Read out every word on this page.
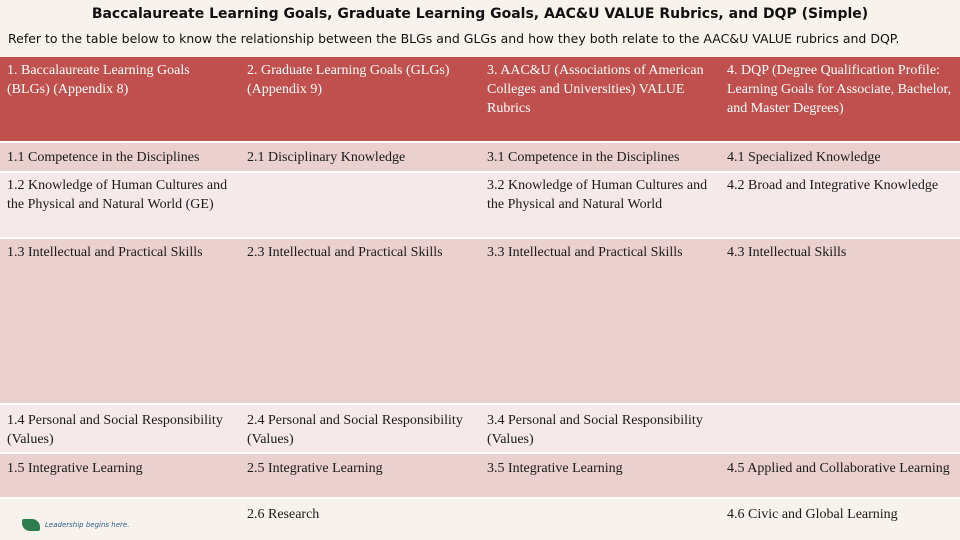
Baccalaureate Learning Goals, Graduate Learning Goals, AAC&U VALUE Rubrics, and DQP (Simple)
Refer to the table below to know the relationship between the BLGs and GLGs and how they both relate to the AAC&U VALUE rubrics and DQP.
1. Baccalaureate Learning Goals (BLGs) (Appendix 8)	2. Graduate Learning Goals (GLGs) (Appendix 9)	3. AAC&U (Associations of American Colleges and Universities) VALUE Rubrics	4. DQP (Degree Qualification Profile: Learning Goals for Associate, Bachelor, and Master Degrees)
1.1 Competence in the Disciplines	2.1 Disciplinary Knowledge	3.1 Competence in the Disciplines	4.1 Specialized Knowledge
1.2 Knowledge of Human Cultures and the Physical and Natural World (GE)		3.2 Knowledge of Human Cultures and the Physical and Natural World	4.2 Broad and Integrative Knowledge
1.3 Intellectual and Practical Skills	2.3 Intellectual and Practical Skills	3.3 Intellectual and Practical Skills	4.3 Intellectual Skills
1.4 Personal and Social Responsibility (Values)	2.4 Personal and Social Responsibility (Values)	3.4 Personal and Social Responsibility (Values)	
1.5 Integrative Learning	2.5 Integrative Learning	3.5 Integrative Learning	4.5 Applied and Collaborative Learning
	2.6 Research		4.6 Civic and Global Learning
Leadership begins here.
